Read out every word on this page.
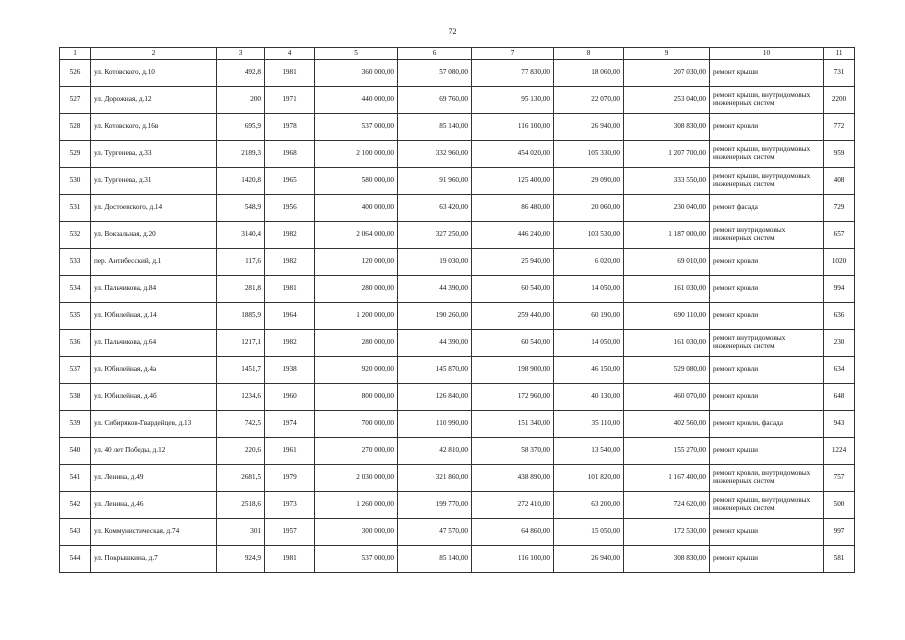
72
1	2	3	4	5	6	7	8	9	10	11
526	ул. Котовского, д.10	492,8	1981	360 000,00	57 080,00	77 830,00	18 060,00	207 030,00	ремонт крыши	731
527	ул. Дорожная, д.12	200	1971	440 000,00	69 760,00	95 130,00	22 070,00	253 040,00	ремонт крыши, внутридомовых инженерных систем	2200
528	ул. Котовского, д.16в	695,9	1978	537 000,00	85 140,00	116 100,00	26 940,00	308 830,00	ремонт кровли	772
529	ул. Тургенева, д.33	2189,3	1968	2 100 000,00	332 960,00	454 020,00	105 330,00	1 207 700,00	ремонт крыши, внутридомовых инженерных систем	959
530	ул. Тургенева, д.31	1420,8	1965	580 000,00	91 960,00	125 400,00	29 090,00	333 550,00	ремонт крыши, внутридомовых инженерных систем	408
531	ул. Достоевского, д.14	548,9	1956	400 000,00	63 420,00	86 480,00	20 060,00	230 040,00	ремонт фасада	729
532	ул. Вокзальная, д.20	3140,4	1982	2 064 000,00	327 250,00	446 240,00	103 530,00	1 187 000,00	ремонт внутридомовых инженерных систем	657
533	пер. Антибесский, д.1	117,6	1982	120 000,00	19 030,00	25 940,00	6 020,00	69 010,00	ремонт кровли	1020
534	ул. Пальчикова, д.84	281,8	1981	280 000,00	44 390,00	60 540,00	14 050,00	161 030,00	ремонт кровли	994
535	ул. Юбилейная, д.14	1885,9	1964	1 200 000,00	190 260,00	259 440,00	60 190,00	690 110,00	ремонт кровли	636
536	ул. Пальчикова, д.64	1217,1	1982	280 000,00	44 390,00	60 540,00	14 050,00	161 030,00	ремонт внутридомовых инженерных систем	230
537	ул. Юбилейная, д.4а	1451,7	1938	920 000,00	145 870,00	198 900,00	46 150,00	529 080,00	ремонт кровли	634
538	ул. Юбилейная, д.4б	1234,6	1960	800 000,00	126 840,00	172 960,00	40 130,00	460 070,00	ремонт кровли	648
539	ул. Сибиряков-Гвардейцев, д.13	742,5	1974	700 000,00	110 990,00	151 340,00	35 110,00	402 560,00	ремонт кровли, фасада	943
540	ул. 40 лет Победы, д.12	220,6	1961	270 000,00	42 810,00	58 370,00	13 540,00	155 270,00	ремонт крыши	1224
541	ул. Ленина, д.49	2681,5	1979	2 030 000,00	321 860,00	438 890,00	101 820,00	1 167 400,00	ремонт кровли, внутридомовых инженерных систем	757
542	ул. Ленина, д.46	2518,6	1973	1 260 000,00	199 770,00	272 410,00	63 200,00	724 620,00	ремонт крыши, внутридомовых инженерных систем	500
543	ул. Коммунистическая, д.74	301	1957	300 000,00	47 570,00	64 860,00	15 050,00	172 530,00	ремонт крыши	997
544	ул. Покрышкина, д.7	924,9	1981	537 000,00	85 140,00	116 100,00	26 940,00	308 830,00	ремонт крыши	581
